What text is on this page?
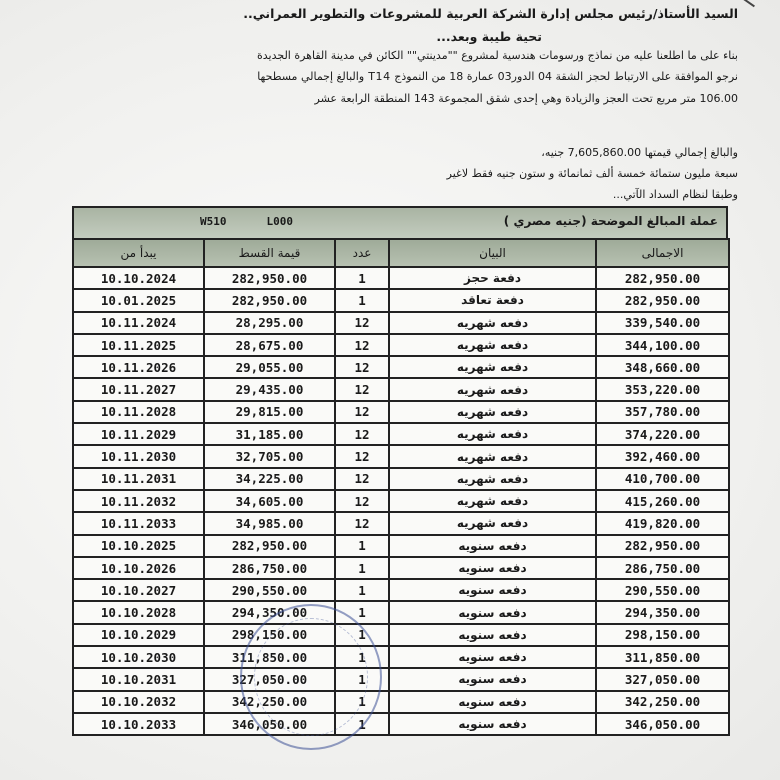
السيد الأستاذ/رئيس مجلس إدارة الشركة العربية للمشروعات والتطوير العمراني..
تحية طيبة وبعد...
بناء على ما اطلعنا عليه من نماذج ورسومات هندسية لمشروع ""مدينتي"" الكائن في مدينة القاهرة الجديدة
نرجو الموافقة على الارتباط لحجز الشقة 04 الدور03 عمارة 18 من النموذج T14 والبالغ إجمالي مسطحها
106.00 متر مربع تحت العجز والزيادة وهي إحدى شقق المجموعة 143 المنطقة الرابعة عشر
والبالغ إجمالي قيمتها 7,605,860.00 جنيه،
سبعة مليون ستمائة خمسة ألف ثمانمائة و ستون جنيه فقط لاغير
وطبقا لنظام السداد الآتي...
W510	L000	عملة المبالغ الموضحة (جنيه مصري )
يبدأ من	قيمة القسط	عدد	البيان	الاجمالى
10.10.2024	282,950.00	1	دفعة حجز	282,950.00
10.01.2025	282,950.00	1	دفعة تعاقد	282,950.00
10.11.2024	28,295.00	12	دفعه شهريه	339,540.00
10.11.2025	28,675.00	12	دفعه شهريه	344,100.00
10.11.2026	29,055.00	12	دفعه شهريه	348,660.00
10.11.2027	29,435.00	12	دفعه شهريه	353,220.00
10.11.2028	29,815.00	12	دفعه شهريه	357,780.00
10.11.2029	31,185.00	12	دفعه شهريه	374,220.00
10.11.2030	32,705.00	12	دفعه شهريه	392,460.00
10.11.2031	34,225.00	12	دفعه شهريه	410,700.00
10.11.2032	34,605.00	12	دفعه شهريه	415,260.00
10.11.2033	34,985.00	12	دفعه شهريه	419,820.00
10.10.2025	282,950.00	1	دفعه سنويه	282,950.00
10.10.2026	286,750.00	1	دفعه سنويه	286,750.00
10.10.2027	290,550.00	1	دفعه سنويه	290,550.00
10.10.2028	294,350.00	1	دفعه سنويه	294,350.00
10.10.2029	298,150.00	1	دفعه سنويه	298,150.00
10.10.2030	311,850.00	1	دفعه سنويه	311,850.00
10.10.2031	327,050.00	1	دفعه سنويه	327,050.00
10.10.2032	342,250.00	1	دفعه سنويه	342,250.00
10.10.2033	346,050.00	1	دفعه سنويه	346,050.00
